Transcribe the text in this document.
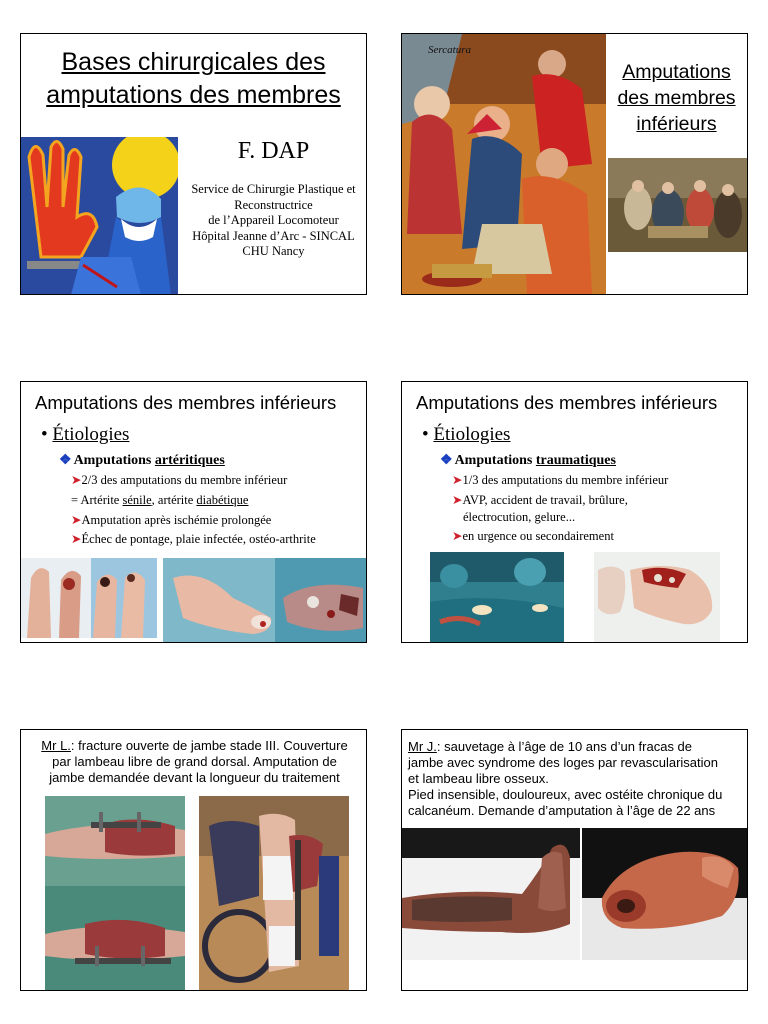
Bases chirurgicales des
amputations des membres
F. DAP
Service de Chirurgie Plastique et
Reconstructrice
de l’Appareil Locomoteur
Hôpital Jeanne d’Arc - SINCAL
CHU Nancy
Sercatura
Amputations
des membres
inférieurs
Amputations des membres inférieurs
• Étiologies
❖ Amputations artéritiques
➤2/3 des amputations du membre inférieur
= Artérite sénile, artérite diabétique
➤Amputation après ischémie prolongée
➤Échec de pontage, plaie infectée, ostéo-arthrite
Amputations des membres inférieurs
• Étiologies
❖ Amputations traumatiques
➤1/3 des amputations du membre inférieur
➤AVP, accident de travail, brûlure,
électrocution, gelure...
➤en urgence ou secondairement
Mr L.: fracture ouverte de jambe stade III. Couverture
par lambeau libre de grand dorsal. Amputation de
jambe demandée devant la longueur du traitement
Mr J.: sauvetage à l’âge de 10 ans d’un fracas de
jambe avec syndrome des loges par revascularisation
et lambeau libre osseux.
Pied insensible, douloureux, avec ostéite chronique du
calcanéum. Demande d’amputation à l’âge de 22 ans
